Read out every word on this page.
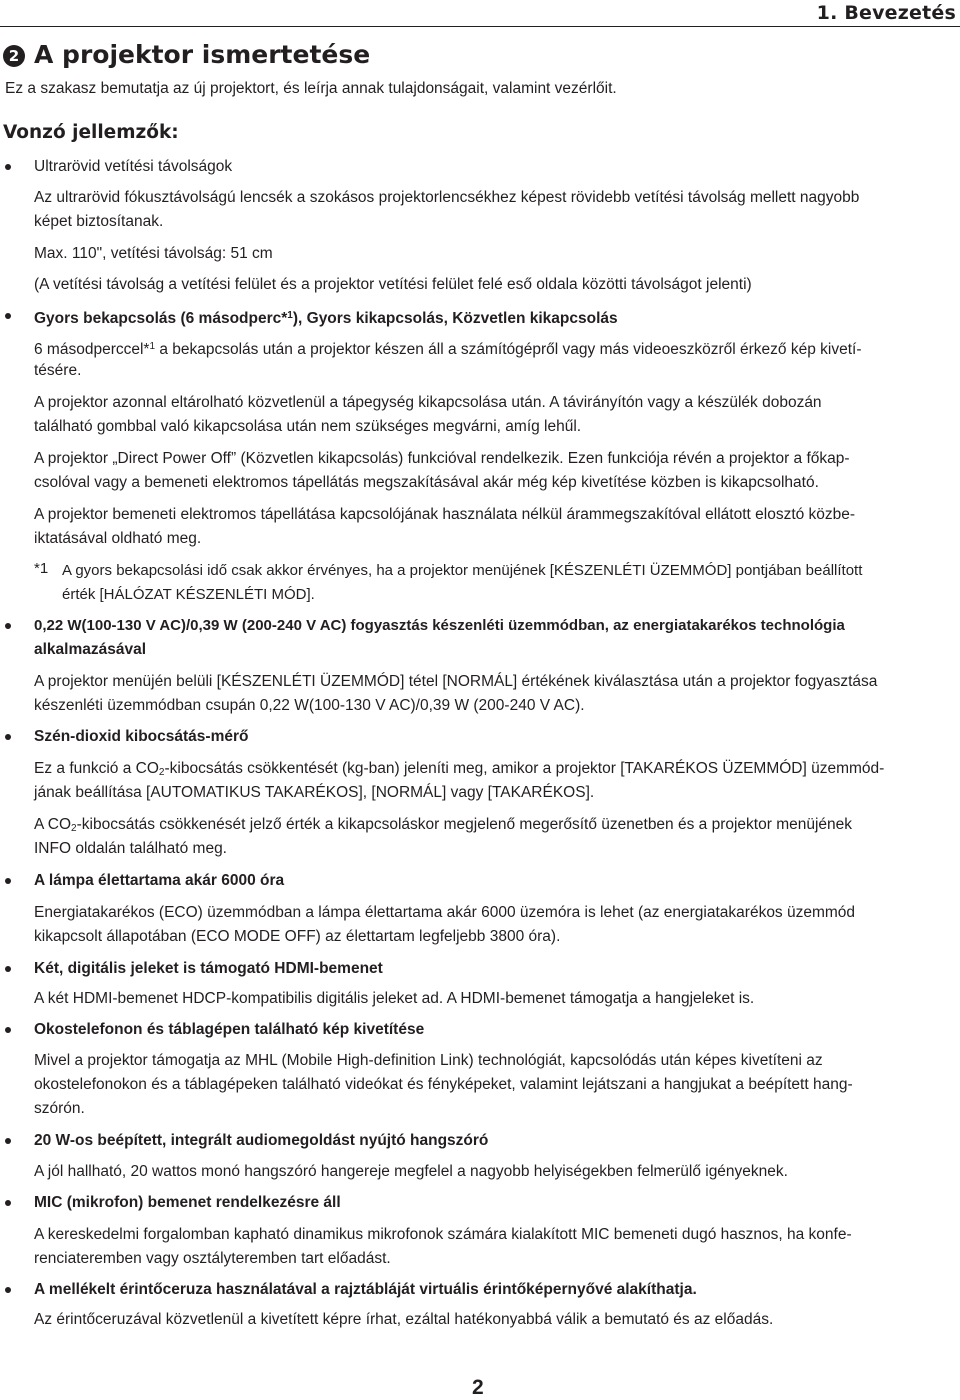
1. Bevezetés
2 A projektor ismertetése
Ez a szakasz bemutatja az új projektort, és leírja annak tulajdonságait, valamint vezérlőit.
Vonzó jellemzők:
Ultrarövid vetítési távolságok
Az ultrarövid fókusztávolságú lencsék a szokásos projektorlencsékhez képest rövidebb vetítési távolság mellett nagyobb
képet biztosítanak.
Max. 110", vetítési távolság: 51 cm
(A vetítési távolság a vetítési felület és a projektor vetítési felület felé eső oldala közötti távolságot jelenti)
Gyors bekapcsolás (6 másodperc*$^1$), Gyors kikapcsolás, Közvetlen kikapcsolás
6 másodperccel*$^1$ a bekapcsolás után a projektor készen áll a számítógépről vagy más videoeszközről érkező kép kivetí-
tésére.
A projektor azonnal eltárolható közvetlenül a tápegység kikapcsolása után. A távirányítón vagy a készülék dobozán
található gombbal való kikapcsolása után nem szükséges megvárni, amíg lehűl.
A projektor „Direct Power Off” (Közvetlen kikapcsolás) funkcióval rendelkezik. Ezen funkciója révén a projektor a főkap-
csolóval vagy a bemeneti elektromos tápellátás megszakításával akár még kép kivetítése közben is kikapcsolható.
A projektor bemeneti elektromos tápellátása kapcsolójának használata nélkül árammegszakítóval ellátott elosztó közbe-
iktatásával oldható meg.
*1 A gyors bekapcsolási idő csak akkor érvényes, ha a projektor menüjének [KÉSZENLÉTI ÜZEMMÓD] pontjában beállított
érték [HÁLÓZAT KÉSZENLÉTI MÓD].
0,22 W(100-130 V AC)/0,39 W (200-240 V AC) fogyasztás készenléti üzemmódban, az energiatakarékos technológia
alkalmazásával
A projektor menüjén belüli [KÉSZENLÉTI ÜZEMMÓD] tétel [NORMÁL] értékének kiválasztása után a projektor fogyasztása
készenléti üzemmódban csupán 0,22 W(100-130 V AC)/0,39 W (200-240 V AC).
Szén-dioxid kibocsátás-mérő
Ez a funkció a $CO_2$-kibocsátás csökkentését (kg-ban) jeleníti meg, amikor a projektor [TAKARÉKOS ÜZEMMÓD] üzemmód-
jának beállítása [AUTOMATIKUS TAKARÉKOS], [NORMÁL] vagy [TAKARÉKOS].
A $CO_2$-kibocsátás csökkenését jelző érték a kikapcsoláskor megjelenő megerősítő üzenetben és a projektor menüjének
INFO oldalán található meg.
A lámpa élettartama akár 6000 óra
Energiatakarékos (ECO) üzemmódban a lámpa élettartama akár 6000 üzemóra is lehet (az energiatakarékos üzemmód
kikapcsolt állapotában (ECO MODE OFF) az élettartam legfeljebb 3800 óra).
Két, digitális jeleket is támogató HDMI-bemenet
A két HDMI-bemenet HDCP-kompatibilis digitális jeleket ad. A HDMI-bemenet támogatja a hangjeleket is.
Okostelefonon és táblagépen található kép kivetítése
Mivel a projektor támogatja az MHL (Mobile High-definition Link) technológiát, kapcsolódás után képes kivetíteni az
okostelefonokon és a táblagépeken található videókat és fényképeket, valamint lejátszani a hangjukat a beépített hang-
szórón.
20 W-os beépített, integrált audiomegoldást nyújtó hangszóró
A jól hallható, 20 wattos monó hangszóró hangereje megfelel a nagyobb helyiségekben felmerülő igényeknek.
MIC (mikrofon) bemenet rendelkezésre áll
A kereskedelmi forgalomban kapható dinamikus mikrofonok számára kialakított MIC bemeneti dugó hasznos, ha konfe-
renciateremben vagy osztályteremben tart előadást.
A mellékelt érintőceruza használatával a rajztábláját virtuális érintőképernyővé alakíthatja.
Az érintőceruzával közvetlenül a kivetített képre írhat, ezáltal hatékonyabbá válik a bemutató és az előadás.
2
